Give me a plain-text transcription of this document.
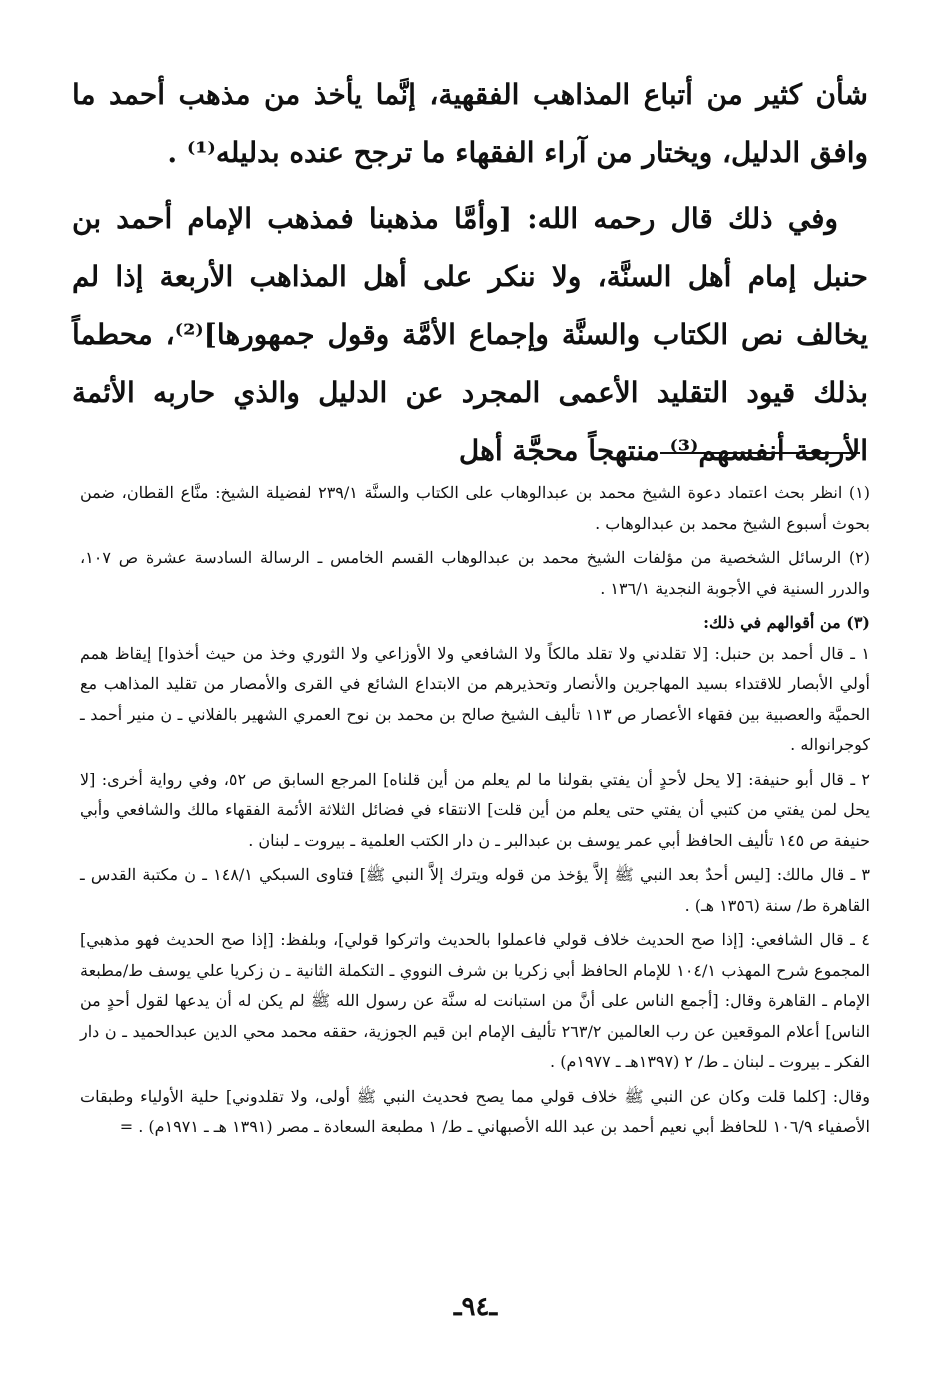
شأن كثير من أتباع المذاهب الفقهية، إنَّما يأخذ من مذهب أحمد ما وافق الدليل، ويختار من آراء الفقهاء ما ترجح عنده بدليله⁽¹⁾ .

وفي ذلك قال رحمه الله: [وأمَّا مذهبنا فمذهب الإمام أحمد بن حنبل إمام أهل السنَّة، ولا ننكر على أهل المذاهب الأربعة إذا لم يخالف نص الكتاب والسنَّة وإجماع الأمَّة وقول جمهورها]⁽²⁾، محطماً بذلك قيود التقليد الأعمى المجرد عن الدليل والذي حاربه الأئمة الأربعة أنفسهم⁽³⁾ منتهجاً محجَّة أهل

(١) انظر بحث اعتماد دعوة الشيخ محمد بن عبدالوهاب على الكتاب والسنَّة ٢٣٩/١ لفضيلة الشيخ: منَّاع القطان، ضمن بحوث أسبوع الشيخ محمد بن عبدالوهاب .

(٢) الرسائل الشخصية من مؤلفات الشيخ محمد بن عبدالوهاب القسم الخامس ـ الرسالة السادسة عشرة ص ١٠٧، والدرر السنية في الأجوبة النجدية ١٣٦/١ .

(٣) من أقوالهم في ذلك:

١ ـ قال أحمد بن حنبل: [لا تقلدني ولا تقلد مالكاً ولا الشافعي ولا الأوزاعي ولا الثوري وخذ من حيث أخذوا] إيقاظ همم أولي الأبصار للاقتداء بسيد المهاجرين والأنصار وتحذيرهم من الابتداع الشائع في القرى والأمصار من تقليد المذاهب مع الحميَّة والعصبية بين فقهاء الأعصار ص ١١٣ تأليف الشيخ صالح بن محمد بن نوح العمري الشهير بالفلاني ـ ن منير أحمد ـ كوجرانواله .

٢ ـ قال أبو حنيفة: [لا يحل لأحدٍ أن يفتي بقولنا ما لم يعلم من أين قلناه] المرجع السابق ص ٥٢، وفي رواية أخرى: [لا يحل لمن يفتي من كتبي أن يفتي حتى يعلم من أين قلت] الانتقاء في فضائل الثلاثة الأئمة الفقهاء مالك والشافعي وأبي حنيفة ص ١٤٥ تأليف الحافظ أبي عمر يوسف بن عبدالبر ـ ن دار الكتب العلمية ـ بيروت ـ لبنان .

٣ ـ قال مالك: [ليس أحدٌ بعد النبي ﷺ إلاَّ يؤخذ من قوله ويترك إلاَّ النبي ﷺ] فتاوى السبكي ١٤٨/١ ـ ن مكتبة القدس ـ القاهرة ط/ سنة (١٣٥٦ هـ) .

٤ ـ قال الشافعي: [إذا صح الحديث خلاف قولي فاعملوا بالحديث واتركوا قولي]، وبلفظ: [إذا صح الحديث فهو مذهبي] المجموع شرح المهذب ١٠٤/١ للإمام الحافظ أبي زكريا بن شرف النووي ـ التكملة الثانية ـ ن زكريا علي يوسف ط/مطبعة الإمام ـ القاهرة وقال: [أجمع الناس على أنَّ من استبانت له سنَّة عن رسول الله ﷺ لم يكن له أن يدعها لقول أحدٍ من الناس] أعلام الموقعين عن رب العالمين ٢٦٣/٢ تأليف الإمام ابن قيم الجوزية، حققه محمد محي الدين عبدالحميد ـ ن دار الفكر ـ بيروت ـ لبنان ـ ط/ ٢ (١٣٩٧هـ ـ ١٩٧٧م) .

وقال: [كلما قلت وكان عن النبي ﷺ خلاف قولي مما يصح فحديث النبي ﷺ أولى، ولا تقلدوني] حلية الأولياء وطبقات الأصفياء ١٠٦/٩ للحافظ أبي نعيم أحمد بن عبد الله الأصبهاني ـ ط/ ١ مطبعة السعادة ـ مصر (١٣٩١ هـ ـ ١٩٧١م) . =

ـ٩٤ـ
